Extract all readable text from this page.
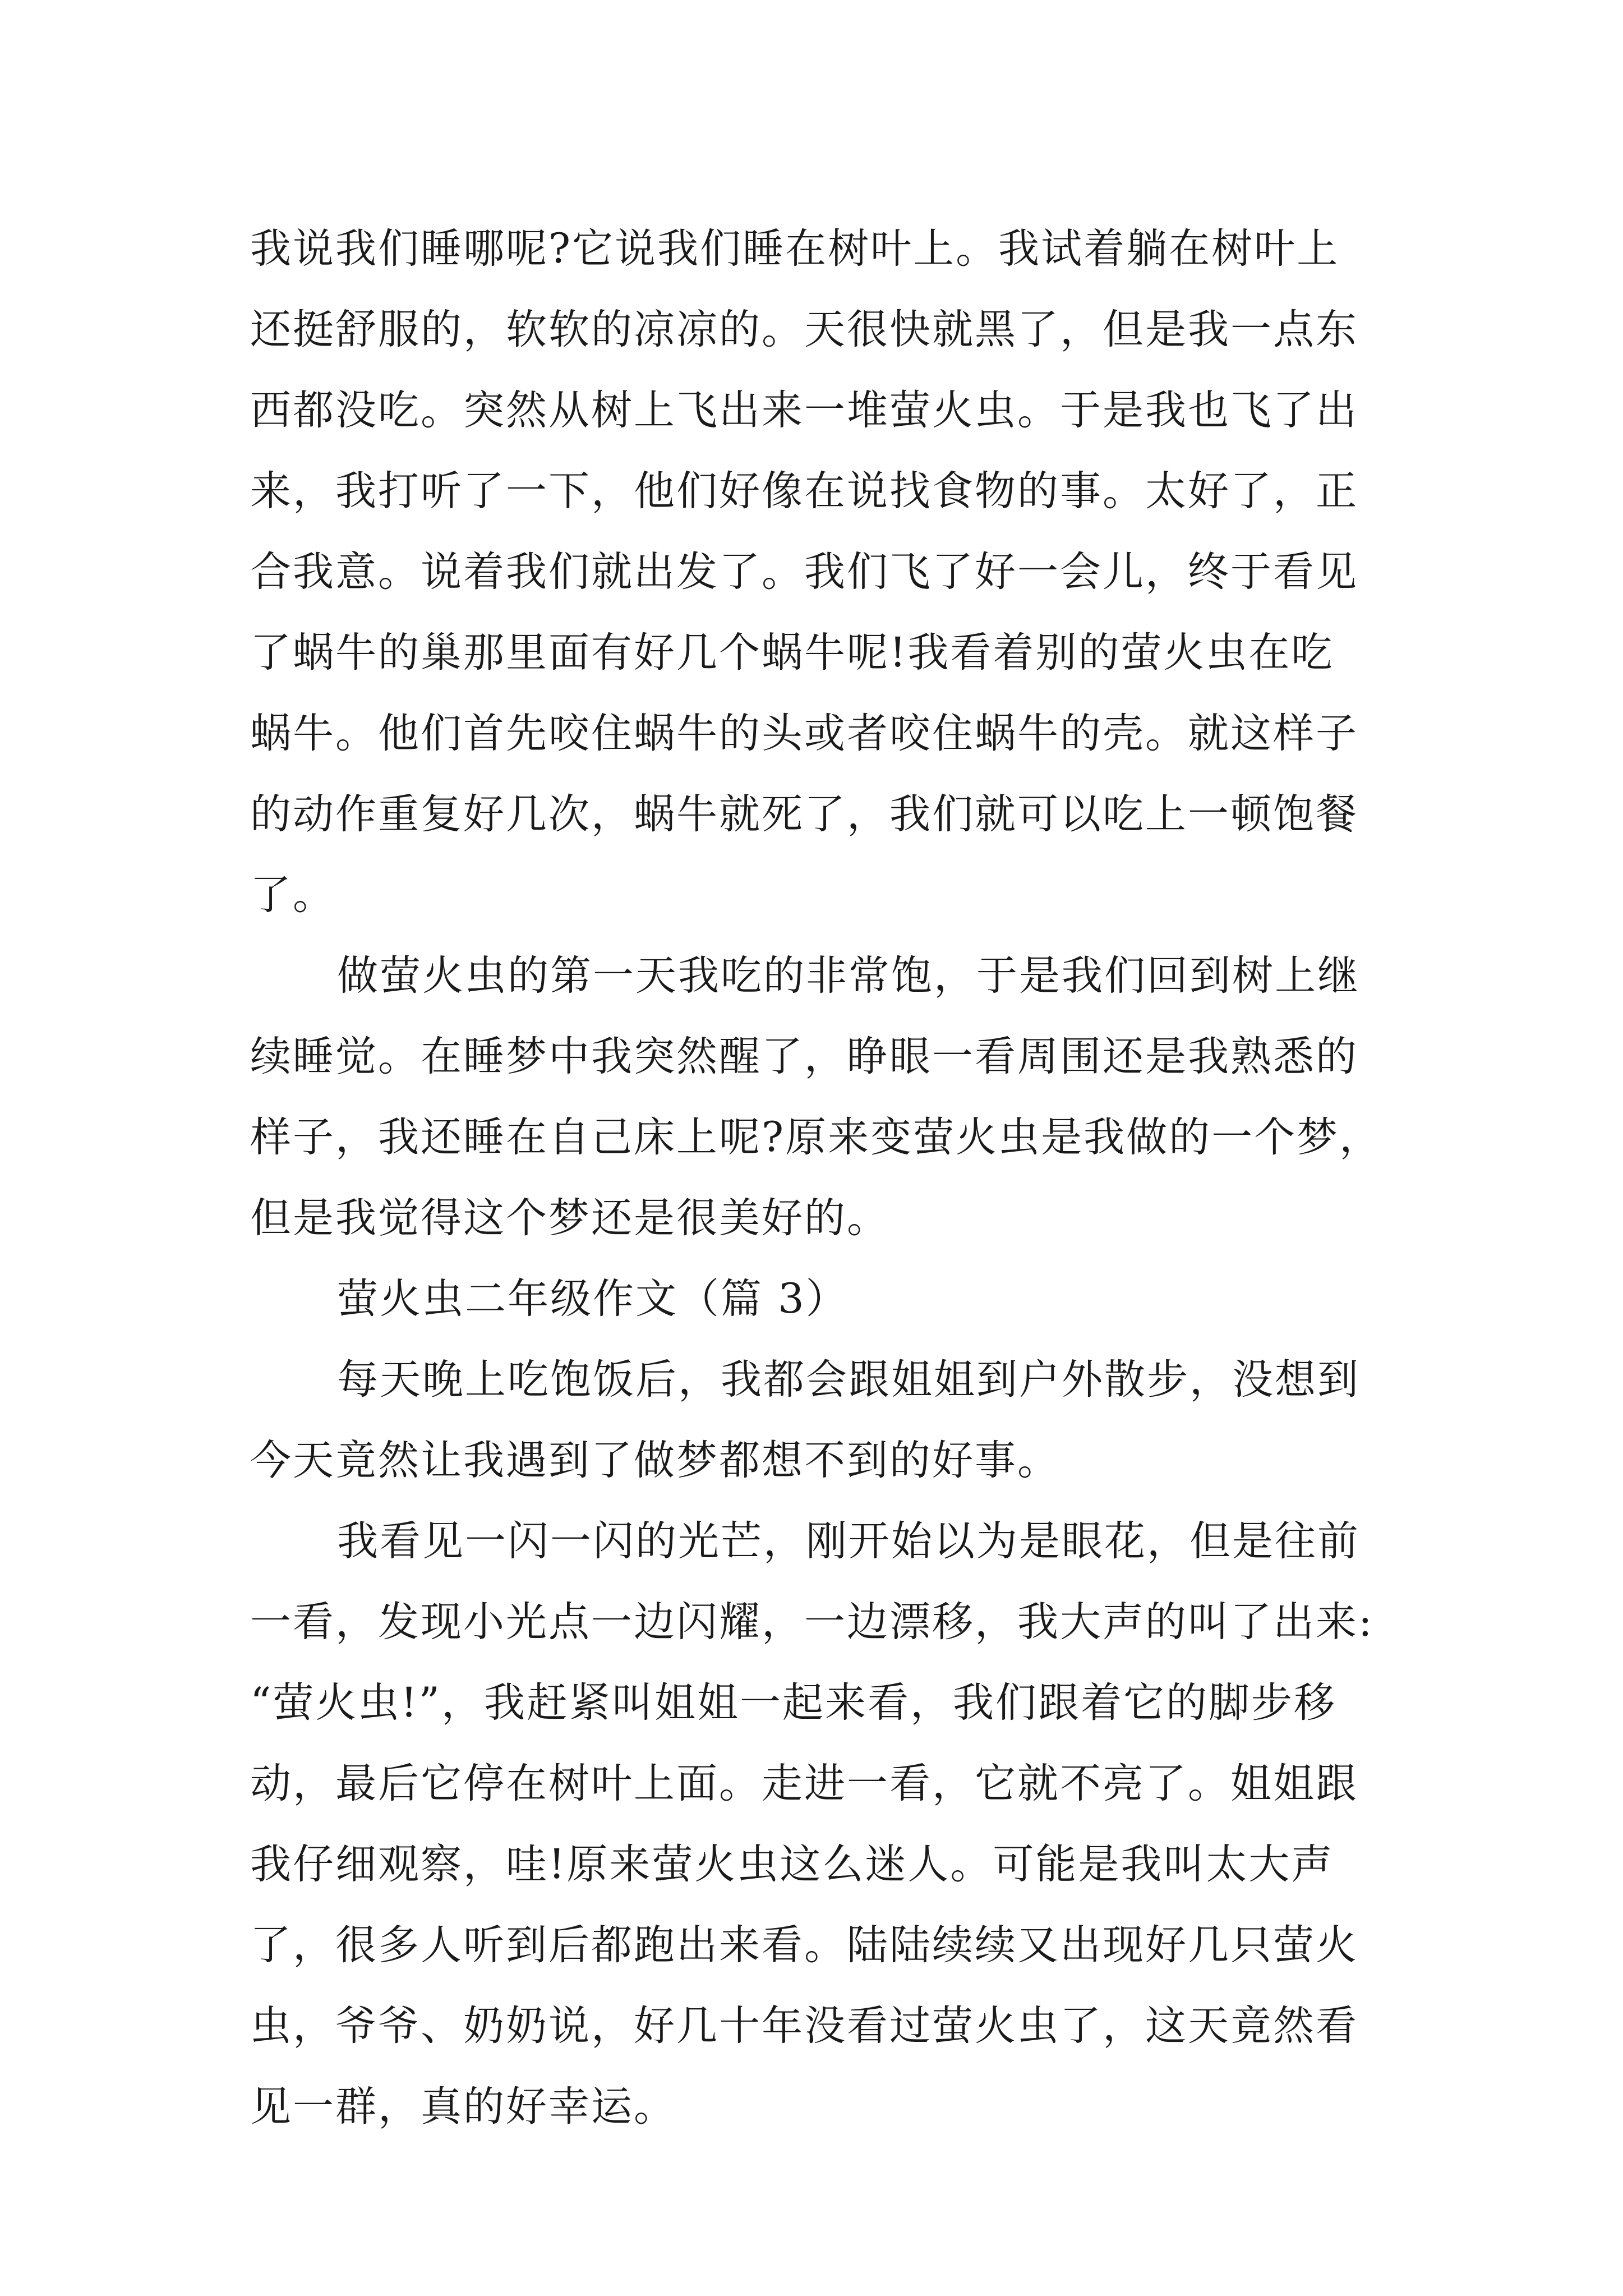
我说我们睡哪呢?它说我们睡在树叶上。我试着躺在树叶上
还挺舒服的，软软的凉凉的。天很快就黑了，但是我一点东
西都没吃。突然从树上飞出来一堆萤火虫。于是我也飞了出
来，我打听了一下，他们好像在说找食物的事。太好了，正
合我意。说着我们就出发了。我们飞了好一会儿，终于看见
了蜗牛的巢那里面有好几个蜗牛呢!我看着别的萤火虫在吃
蜗牛。他们首先咬住蜗牛的头或者咬住蜗牛的壳。就这样子
的动作重复好几次，蜗牛就死了，我们就可以吃上一顿饱餐
了。
做萤火虫的第一天我吃的非常饱，于是我们回到树上继
续睡觉。在睡梦中我突然醒了，睁眼一看周围还是我熟悉的
样子，我还睡在自己床上呢?原来变萤火虫是我做的一个梦，
但是我觉得这个梦还是很美好的。
萤火虫二年级作文（篇 3）
每天晚上吃饱饭后，我都会跟姐姐到户外散步，没想到
今天竟然让我遇到了做梦都想不到的好事。
我看见一闪一闪的光芒，刚开始以为是眼花，但是往前
一看，发现小光点一边闪耀，一边漂移，我大声的叫了出来:
“萤火虫!”，我赶紧叫姐姐一起来看，我们跟着它的脚步移
动，最后它停在树叶上面。走进一看，它就不亮了。姐姐跟
我仔细观察，哇!原来萤火虫这么迷人。可能是我叫太大声
了，很多人听到后都跑出来看。陆陆续续又出现好几只萤火
虫，爷爷、奶奶说，好几十年没看过萤火虫了，这天竟然看
见一群，真的好幸运。
